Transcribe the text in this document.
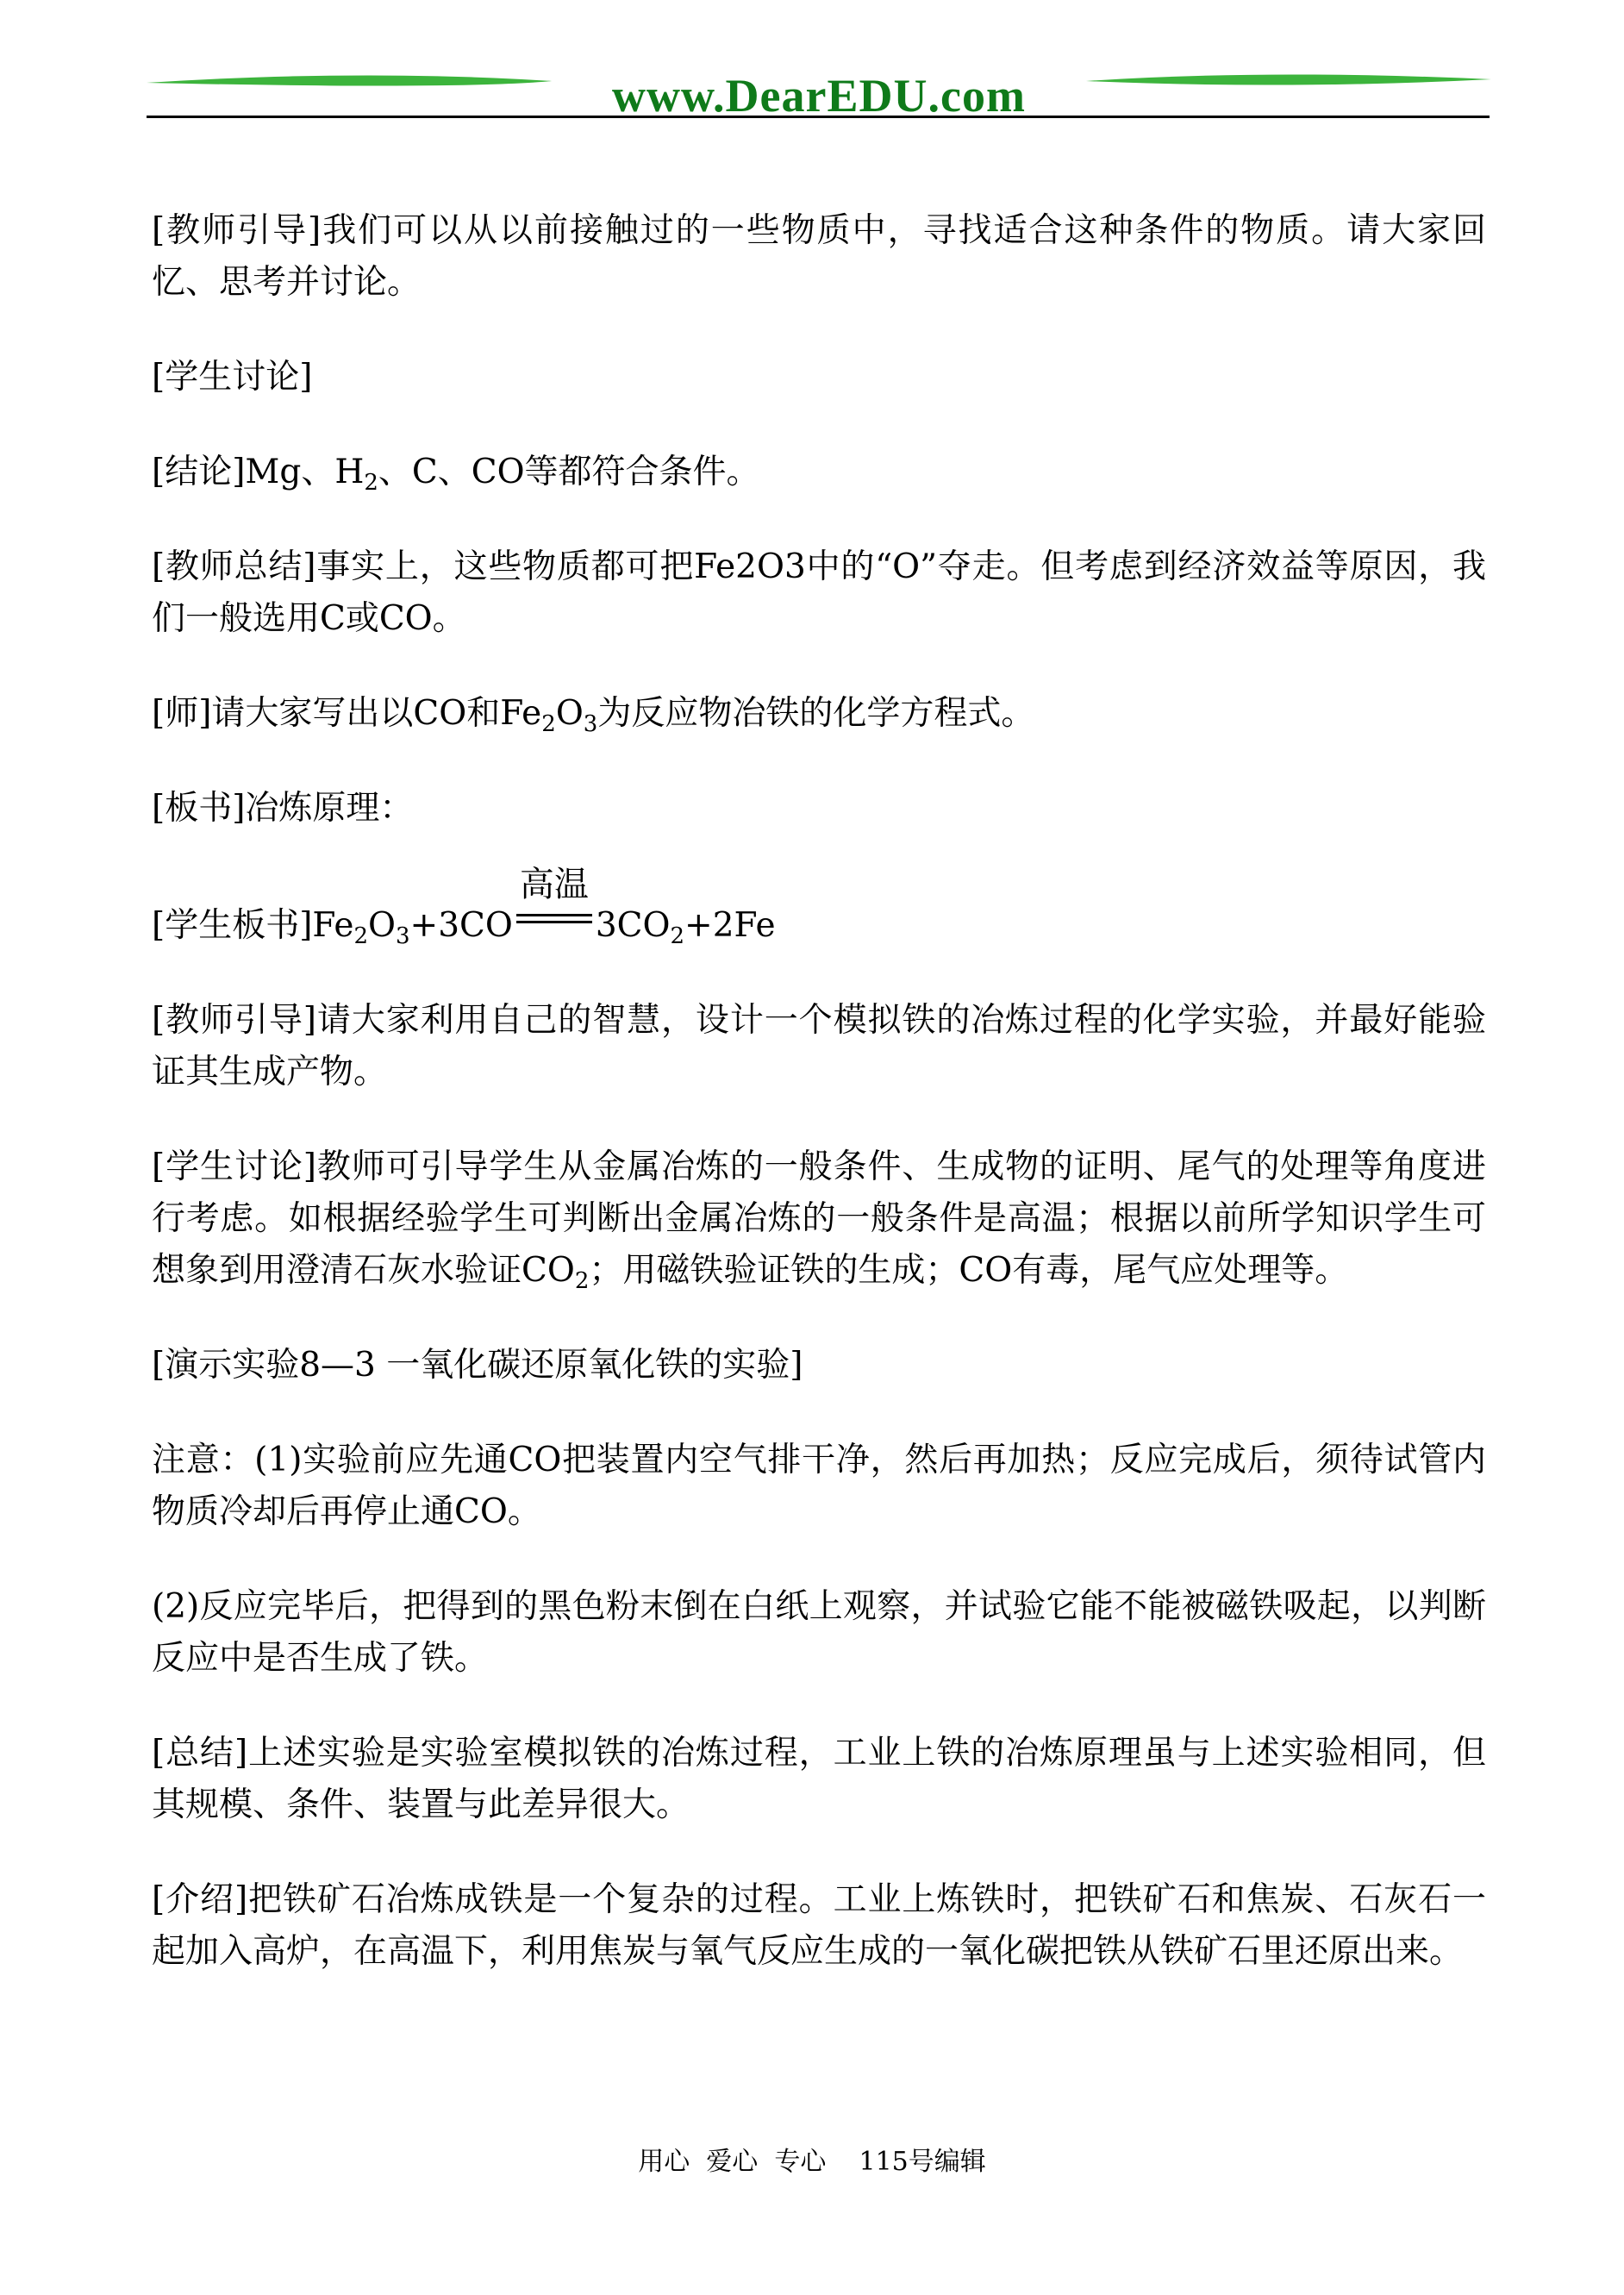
www.DearEDU.com

[教师引导]我们可以从以前接触过的一些物质中，寻找适合这种条件的物质。请大家回忆、思考并讨论。

[学生讨论]

[结论]Mg、$H_2$、C、CO等都符合条件。

[教师总结]事实上，这些物质都可把Fe2O3中的“O”夺走。但考虑到经济效益等原因，我们一般选用C或CO。

[师]请大家写出以CO和$Fe_2O_3$为反应物冶铁的化学方程式。

[板书]冶炼原理：

[学生板书]$Fe_2O_3+3CO$
高温
$3CO_2+2Fe$

[教师引导]请大家利用自己的智慧，设计一个模拟铁的冶炼过程的化学实验，并最好能验证其生成产物。

[学生讨论]教师可引导学生从金属冶炼的一般条件、生成物的证明、尾气的处理等角度进行考虑。如根据经验学生可判断出金属冶炼的一般条件是高温；根据以前所学知识学生可想象到用澄清石灰水验证$CO_2$；用磁铁验证铁的生成；CO有毒，尾气应处理等。

[演示实验8—3 一氧化碳还原氧化铁的实验]

注意：(1)实验前应先通CO把装置内空气排干净，然后再加热；反应完成后，须待试管内物质冷却后再停止通CO。

(2)反应完毕后，把得到的黑色粉末倒在白纸上观察，并试验它能不能被磁铁吸起，以判断反应中是否生成了铁。

[总结]上述实验是实验室模拟铁的冶炼过程，工业上铁的冶炼原理虽与上述实验相同，但其规模、条件、装置与此差异很大。

[介绍]把铁矿石冶炼成铁是一个复杂的过程。工业上炼铁时，把铁矿石和焦炭、石灰石一起加入高炉，在高温下，利用焦炭与氧气反应生成的一氧化碳把铁从铁矿石里还原出来。

用心  爱心  专心    115号编辑
